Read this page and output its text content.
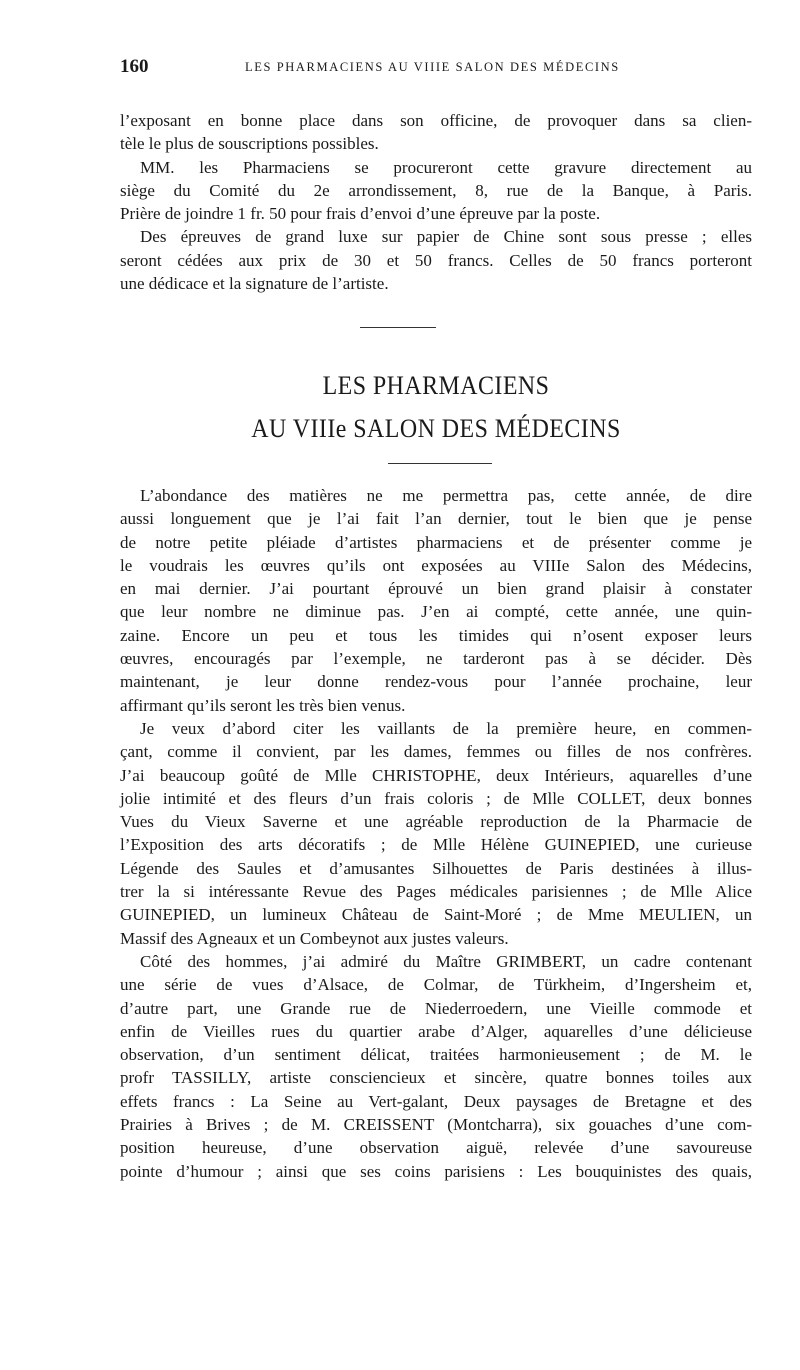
160	LES PHARMACIENS AU VIIIE SALON DES MÉDECINS
l’exposant en bonne place dans son officine, de provoquer dans sa clien-
tèle le plus de souscriptions possibles.
MM. les Pharmaciens se procureront cette gravure directement au
siège du Comité du 2e arrondissement, 8, rue de la Banque, à Paris.
Prière de joindre 1 fr. 50 pour frais d’envoi d’une épreuve par la poste.
Des épreuves de grand luxe sur papier de Chine sont sous presse ; elles
seront cédées aux prix de 30 et 50 francs. Celles de 50 francs porteront
une dédicace et la signature de l’artiste.
LES PHARMACIENS
AU VIIIe SALON DES MÉDECINS
L’abondance des matières ne me permettra pas, cette année, de dire
aussi longuement que je l’ai fait l’an dernier, tout le bien que je pense
de notre petite pléiade d’artistes pharmaciens et de présenter comme je
le voudrais les œuvres qu’ils ont exposées au VIIIe Salon des Médecins,
en mai dernier. J’ai pourtant éprouvé un bien grand plaisir à constater
que leur nombre ne diminue pas. J’en ai compté, cette année, une quin-
zaine. Encore un peu et tous les timides qui n’osent exposer leurs
œuvres, encouragés par l’exemple, ne tarderont pas à se décider. Dès
maintenant, je leur donne rendez-vous pour l’année prochaine, leur
affirmant qu’ils seront les très bien venus.
Je veux d’abord citer les vaillants de la première heure, en commen-
çant, comme il convient, par les dames, femmes ou filles de nos confrères.
J’ai beaucoup goûté de Mlle CHRISTOPHE, deux Intérieurs, aquarelles d’une
jolie intimité et des fleurs d’un frais coloris ; de Mlle COLLET, deux bonnes
Vues du Vieux Saverne et une agréable reproduction de la Pharmacie de
l’Exposition des arts décoratifs ; de Mlle Hélène GUINEPIED, une curieuse
Légende des Saules et d’amusantes Silhouettes de Paris destinées à illus-
trer la si intéressante Revue des Pages médicales parisiennes ; de Mlle Alice
GUINEPIED, un lumineux Château de Saint-Moré ; de Mme MEULIEN, un
Massif des Agneaux et un Combeynot aux justes valeurs.
Côté des hommes, j’ai admiré du Maître GRIMBERT, un cadre contenant
une série de vues d’Alsace, de Colmar, de Türkheim, d’Ingersheim et,
d’autre part, une Grande rue de Niederroedern, une Vieille commode et
enfin de Vieilles rues du quartier arabe d’Alger, aquarelles d’une délicieuse
observation, d’un sentiment délicat, traitées harmonieusement ; de M. le
profr TASSILLY, artiste consciencieux et sincère, quatre bonnes toiles aux
effets francs : La Seine au Vert-galant, Deux paysages de Bretagne et des
Prairies à Brives ; de M. CREISSENT (Montcharra), six gouaches d’une com-
position heureuse, d’une observation aiguë, relevée d’une savoureuse
pointe d’humour ; ainsi que ses coins parisiens : Les bouquinistes des quais,
